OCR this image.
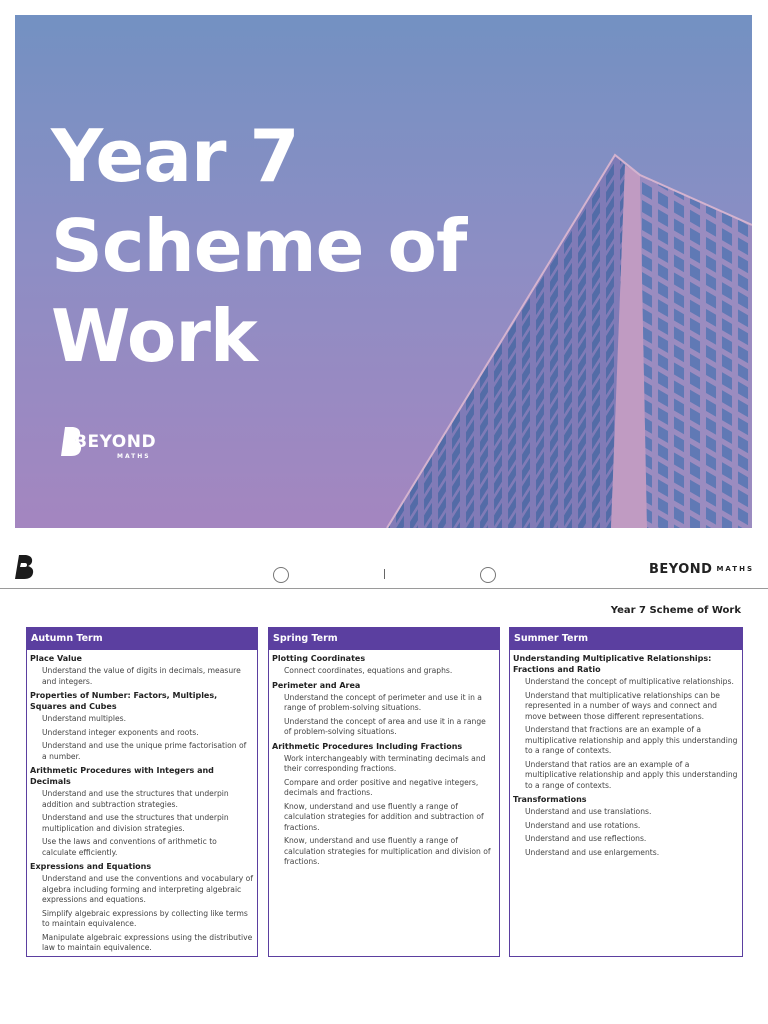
Year 7
Scheme of
Work
BEYOND
MATHS
BEYOND MATHS
Year 7 Scheme of Work
Autumn Term
Place Value
Understand the value of digits in decimals, measure and integers.
Properties of Number: Factors, Multiples, Squares and Cubes
Understand multiples.
Understand integer exponents and roots.
Understand and use the unique prime factorisation of a number.
Arithmetic Procedures with Integers and Decimals
Understand and use the structures that underpin addition and subtraction strategies.
Understand and use the structures that underpin multiplication and division strategies.
Use the laws and conventions of arithmetic to calculate efficiently.
Expressions and Equations
Understand and use the conventions and vocabulary of algebra including forming and interpreting algebraic expressions and equations.
Simplify algebraic expressions by collecting like terms to maintain equivalence.
Manipulate algebraic expressions using the distributive law to maintain equivalence.
Spring Term
Plotting Coordinates
Connect coordinates, equations and graphs.
Perimeter and Area
Understand the concept of perimeter and use it in a range of problem-solving situations.
Understand the concept of area and use it in a range of problem-solving situations.
Arithmetic Procedures Including Fractions
Work interchangeably with terminating decimals and their corresponding fractions.
Compare and order positive and negative integers, decimals and fractions.
Know, understand and use fluently a range of calculation strategies for addition and subtraction of fractions.
Know, understand and use fluently a range of calculation strategies for multiplication and division of fractions.
Summer Term
Understanding Multiplicative Relationships: Fractions and Ratio
Understand the concept of multiplicative relationships.
Understand that multiplicative relationships can be represented in a number of ways and connect and move between those different representations.
Understand that fractions are an example of a multiplicative relationship and apply this understanding to a range of contexts.
Understand that ratios are an example of a multiplicative relationship and apply this understanding to a range of contexts.
Transformations
Understand and use translations.
Understand and use rotations.
Understand and use reflections.
Understand and use enlargements.
